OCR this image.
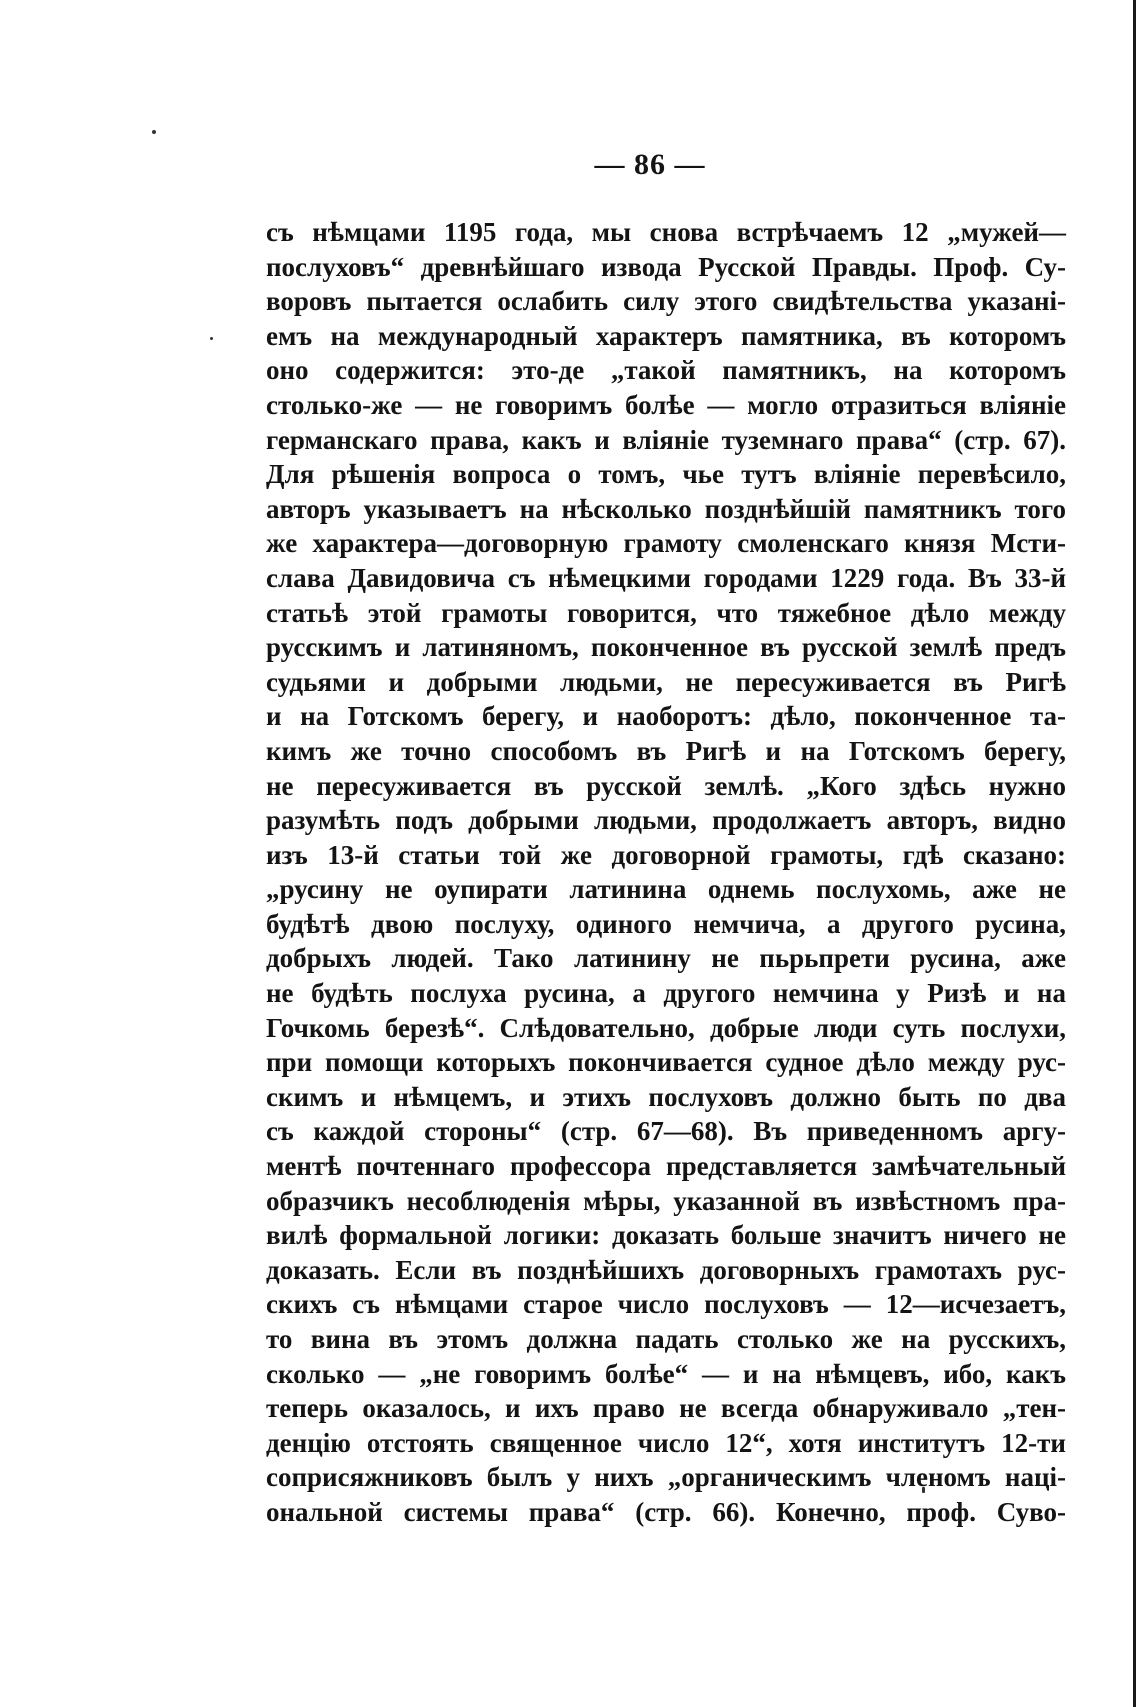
— 86 —
съ нѣмцами 1195 года, мы снова встрѣчаемъ 12 „мужей—
послуховъ“ древнѣйшаго извода Русской Правды. Проф. Су-
воровъ пытается ослабить силу этого свидѣтельства указані-
емъ на международный характеръ памятника, въ которомъ
оно содержится: это-де „такой памятникъ, на которомъ
столько-же — не говоримъ болѣе — могло отразиться вліяніе
германскаго права, какъ и вліяніе туземнаго права“ (стр. 67).
Для рѣшенія вопроса о томъ, чье тутъ вліяніе перевѣсило,
авторъ указываетъ на нѣсколько позднѣйшій памятникъ того
же характера—договорную грамоту смоленскаго князя Мсти-
слава Давидовича съ нѣмецкими городами 1229 года. Въ 33-й
статьѣ этой грамоты говорится, что тяжебное дѣло между
русскимъ и латиняномъ, поконченное въ русской землѣ предъ
судьями и добрыми людьми, не пересуживается въ Ригѣ
и на Готскомъ берегу, и наоборотъ: дѣло, поконченное та-
кимъ же точно способомъ въ Ригѣ и на Готскомъ берегу,
не пересуживается въ русской землѣ. „Кого здѣсь нужно
разумѣть подъ добрыми людьми, продолжаетъ авторъ, видно
изъ 13-й статьи той же договорной грамоты, гдѣ сказано:
„русину не оупирати латинина однемь послухомь, аже не
будѣтѣ двою послуху, одиного немчича, а другого русина,
добрыхъ людей. Тако латинину не пьрьпрети русина, аже
не будѣть послуха русина, а другого немчина у Ризѣ и на
Гочкомь березѣ“. Слѣдовательно, добрые люди суть послухи,
при помощи которыхъ покончивается судное дѣло между рус-
скимъ и нѣмцемъ, и этихъ послуховъ должно быть по два
съ каждой стороны“ (стр. 67—68). Въ приведенномъ аргу-
ментѣ почтеннаго профессора представляется замѣчательный
образчикъ несоблюденія мѣры, указанной въ извѣстномъ пра-
вилѣ формальной логики: доказать больше значитъ ничего не
доказать. Если въ позднѣйшихъ договорныхъ грамотахъ рус-
скихъ съ нѣмцами старое число послуховъ — 12—исчезаетъ,
то вина въ этомъ должна падать столько же на русскихъ,
сколько — „не говоримъ болѣе“ — и на нѣмцевъ, ибо, какъ
теперь оказалось, и ихъ право не всегда обнаруживало „тен-
денцію отстоять священное число 12“, хотя институтъ 12-ти
соприсяжниковъ былъ у нихъ „органическимъ членомъ наці-
ональной системы права“ (стр. 66). Конечно, проф. Суво-
